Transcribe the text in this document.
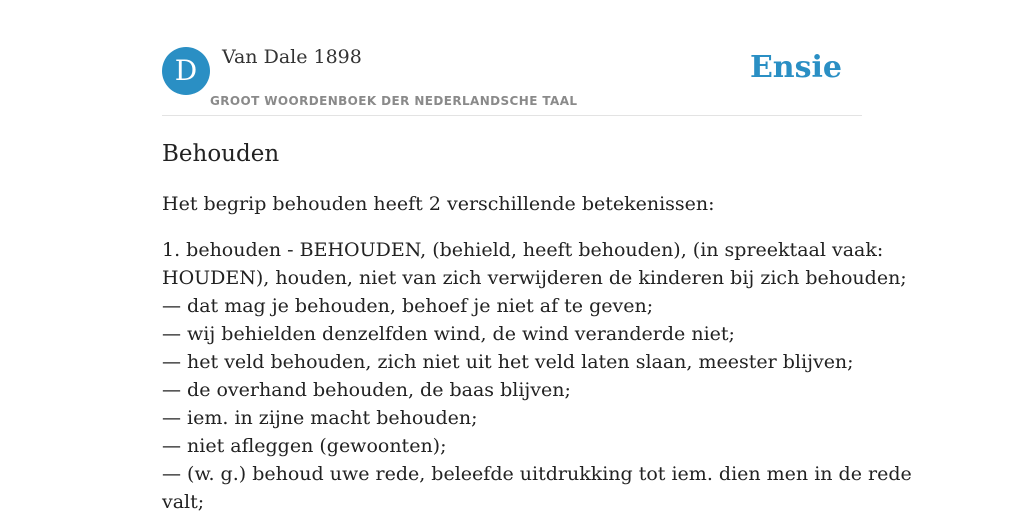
D	Van Dale 1898
GROOT WOORDENBOEK DER NEDERLANDSCHE TAAL
Ensie
Behouden

Het begrip behouden heeft 2 verschillende betekenissen:

1. behouden - BEHOUDEN, (behield, heeft behouden), (in spreektaal vaak:
HOUDEN), houden, niet van zich verwijderen de kinderen bij zich behouden;
— dat mag je behouden, behoef je niet af te geven;
— wij behielden denzelfden wind, de wind veranderde niet;
— het veld behouden, zich niet uit het veld laten slaan, meester blijven;
— de overhand behouden, de baas blijven;
— iem. in zijne macht behouden;
— niet afleggen (gewoonten);
— (w. g.) behoud uwe rede, beleefde uitdrukking tot iem. dien men in de rede
valt;
